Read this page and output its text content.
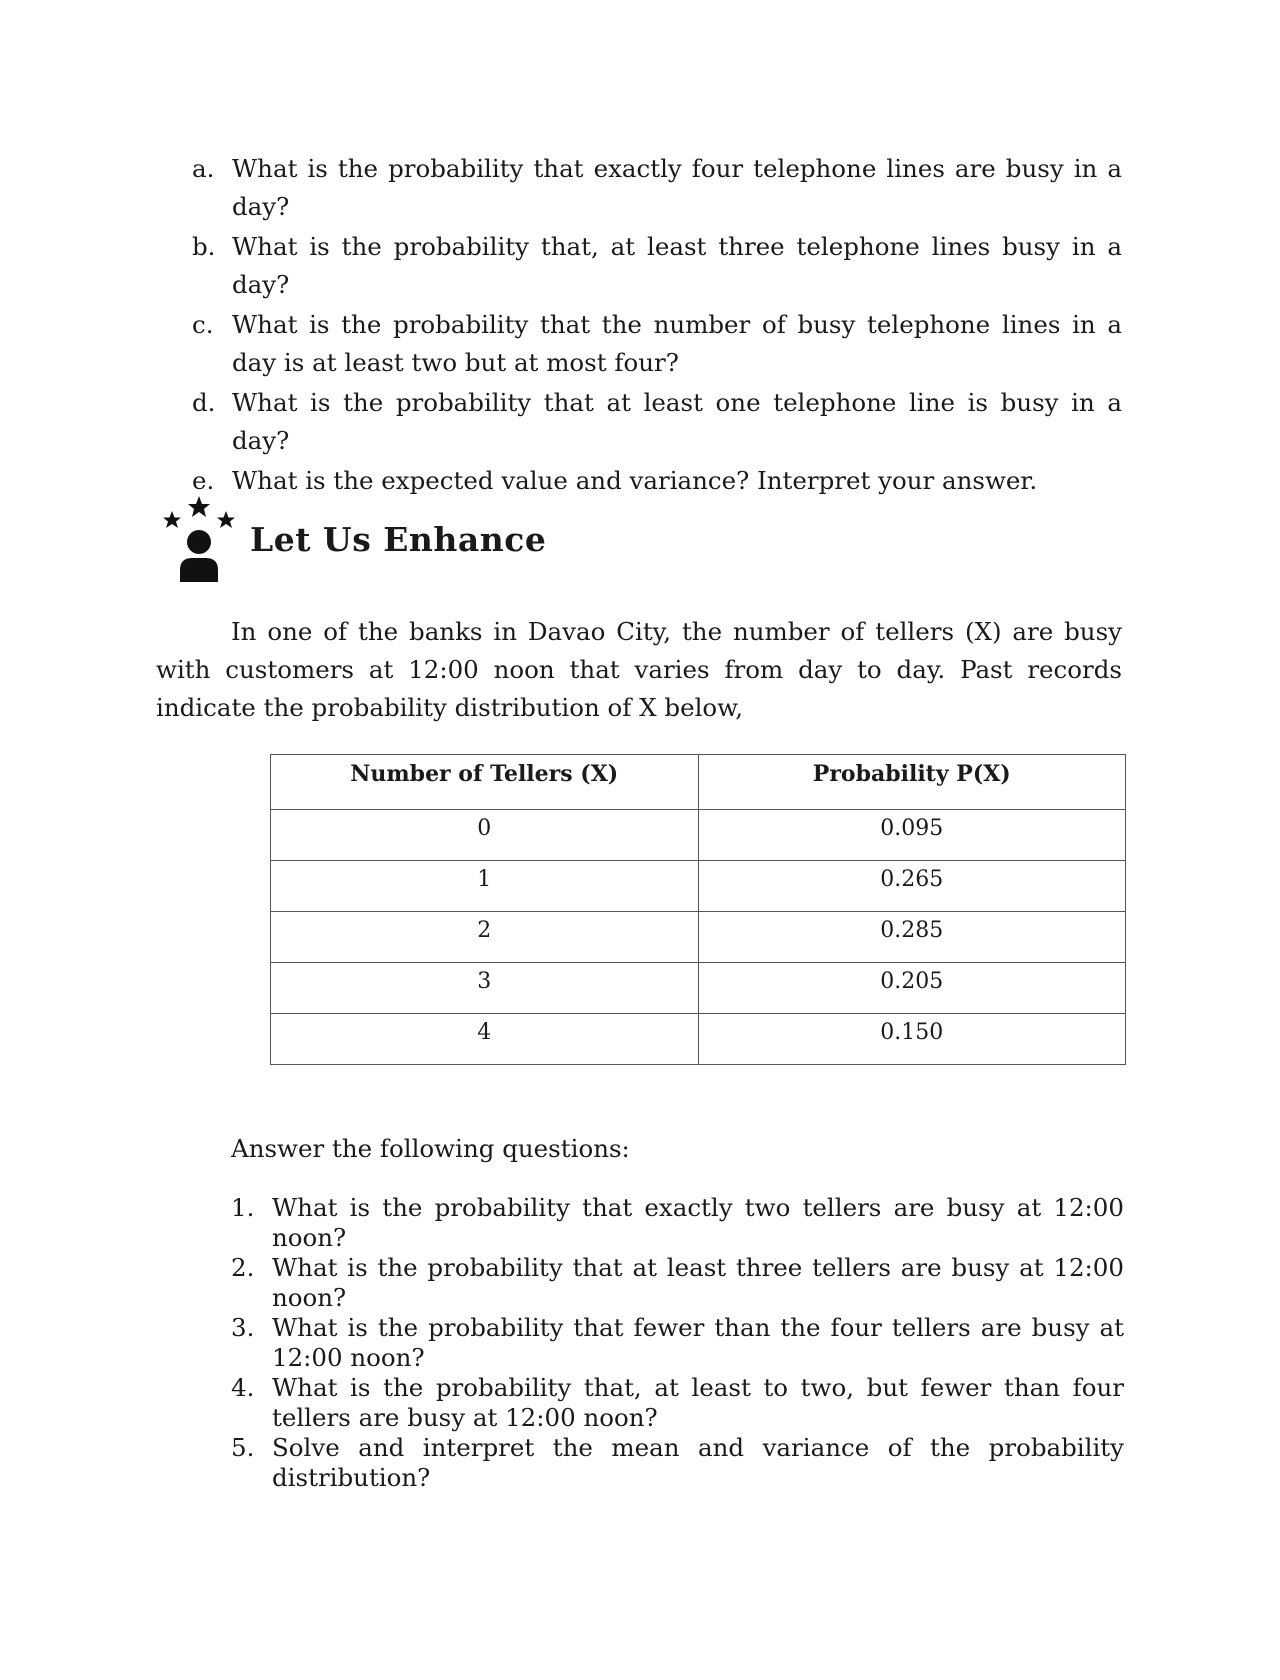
a. What is the probability that exactly four telephone lines are busy in a day?
b. What is the probability that, at least three telephone lines busy in a day?
c. What is the probability that the number of busy telephone lines in a day is at least two but at most four?
d. What is the probability that at least one telephone line is busy in a day?
e. What is the expected value and variance? Interpret your answer.
Let Us Enhance

In one of the banks in Davao City, the number of tellers (X) are busy with customers at 12:00 noon that varies from day to day. Past records indicate the probability distribution of X below,

Number of Tellers (X)	Probability P(X)
0	0.095
1	0.265
2	0.285
3	0.205
4	0.150

Answer the following questions:

1. What is the probability that exactly two tellers are busy at 12:00 noon?
2. What is the probability that at least three tellers are busy at 12:00 noon?
3. What is the probability that fewer than the four tellers are busy at 12:00 noon?
4. What is the probability that, at least to two, but fewer than four tellers are busy at 12:00 noon?
5. Solve and interpret the mean and variance of the probability distribution?
